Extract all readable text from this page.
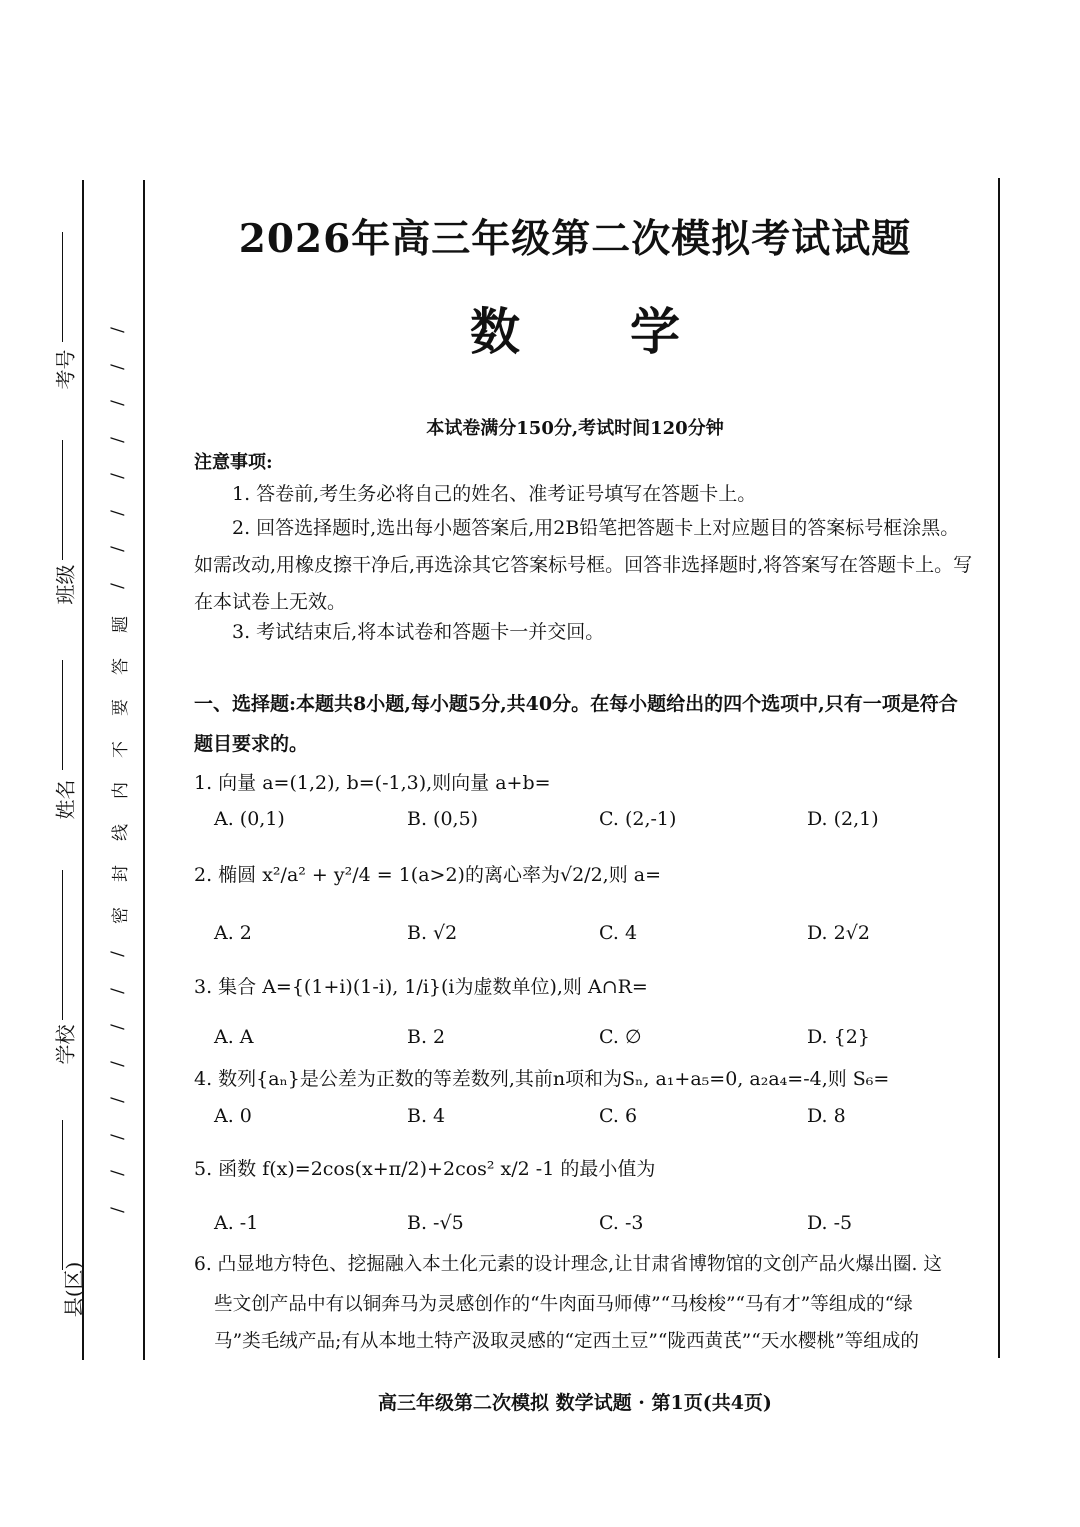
考号
班级
姓名
学校
县(区)
/
/
/
/
/
/
/
/
题
答
要
不
内
线
封
密
/
/
/
/
/
/
/
/
2026年高三年级第二次模拟考试试题
数学
本试卷满分150分,考试时间120分钟
注意事项:
1. 答卷前,考生务必将自己的姓名、准考证号填写在答题卡上。
2. 回答选择题时,选出每小题答案后,用2B铅笔把答题卡上对应题目的答案标号框涂黑。如需改动,用橡皮擦干净后,再选涂其它答案标号框。回答非选择题时,将答案写在答题卡上。写在本试卷上无效。
3. 考试结束后,将本试卷和答题卡一并交回。
一、选择题:本题共8小题,每小题5分,共40分。在每小题给出的四个选项中,只有一项是符合题目要求的。
1. 向量 a=(1,2), b=(-1,3),则向量 a+b=
A. (0,1)	B. (0,5)	C. (2,-1)	D. (2,1)
2. 椭圆 x²/a² + y²/4 = 1(a>2)的离心率为√2/2,则 a=
A. 2	B. √2	C. 4	D. 2√2
3. 集合 A={(1+i)(1-i), 1/i}(i为虚数单位),则 A∩R=
A. A	B. 2	C. ∅	D. {2}
4. 数列{aₙ}是公差为正数的等差数列,其前n项和为Sₙ, a₁+a₅=0, a₂a₄=-4,则 S₆=
A. 0	B. 4	C. 6	D. 8
5. 函数 f(x)=2cos(x+π/2)+2cos² x/2 -1 的最小值为
A. -1	B. -√5	C. -3	D. -5
6. 凸显地方特色、挖掘融入本土化元素的设计理念,让甘肃省博物馆的文创产品火爆出圈. 这
些文创产品中有以铜奔马为灵感创作的“牛肉面马师傅”“马梭梭”“马有才”等组成的“绿
马”类毛绒产品;有从本地土特产汲取灵感的“定西土豆”“陇西黄芪”“天水樱桃”等组成的
高三年级第二次模拟 数学试题 · 第1页(共4页)
